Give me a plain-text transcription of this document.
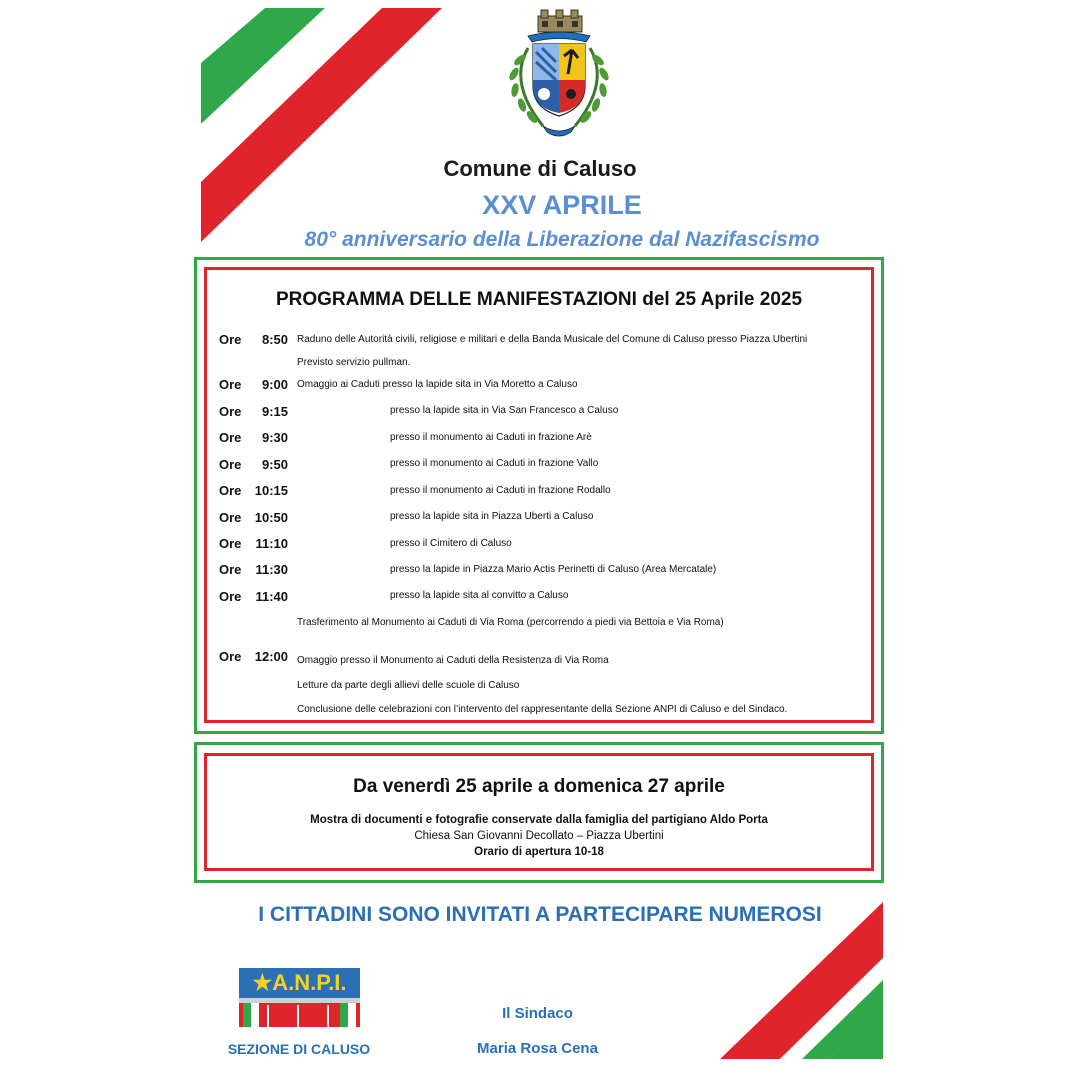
Comune di Caluso
XXV APRILE
80° anniversario della Liberazione dal Nazifascismo
PROGRAMMA DELLE MANIFESTAZIONI del 25 Aprile 2025
Ore	8:50 Raduno delle Autorità civili, religiose e militari e della Banda Musicale del Comune di Caluso presso Piazza Ubertini
Previsto servizio pullman.
Ore	9:00 Omaggio ai Caduti presso la lapide sita in Via Moretto a Caluso
Ore	9:15	presso la lapide sita in Via San Francesco a Caluso
Ore	9:30	presso il monumento ai Caduti in frazione Arè
Ore	9:50	presso il monumento ai Caduti in frazione Vallo
Ore	10:15	presso il monumento ai Caduti in frazione Rodallo
Ore	10:50	presso la lapide sita in Piazza Uberti a Caluso
Ore	11:10	presso il Cimitero di Caluso
Ore	11:30	presso la lapide in Piazza Mario Actis Perinetti di Caluso (Area Mercatale)
Ore	11:40	presso la lapide sita al convitto a Caluso
Trasferimento al Monumento ai Caduti di Via Roma (percorrendo a piedi via Bettoia e Via Roma)
Ore	12:00 Omaggio presso il Monumento ai Caduti della Resistenza di Via Roma
Letture da parte degli allievi delle scuole di Caluso
Conclusione delle celebrazioni con l’intervento del rappresentante della Sezione ANPI di Caluso e del Sindaco.
Da venerdì 25 aprile a domenica 27 aprile
Mostra di documenti e fotografie conservate dalla famiglia del partigiano Aldo Porta
Chiesa San Giovanni Decollato – Piazza Ubertini
Orario di apertura 10-18
I CITTADINI SONO INVITATI A PARTECIPARE NUMEROSI
★A.N.P.I.
SEZIONE DI CALUSO
Il Sindaco
Maria Rosa Cena
